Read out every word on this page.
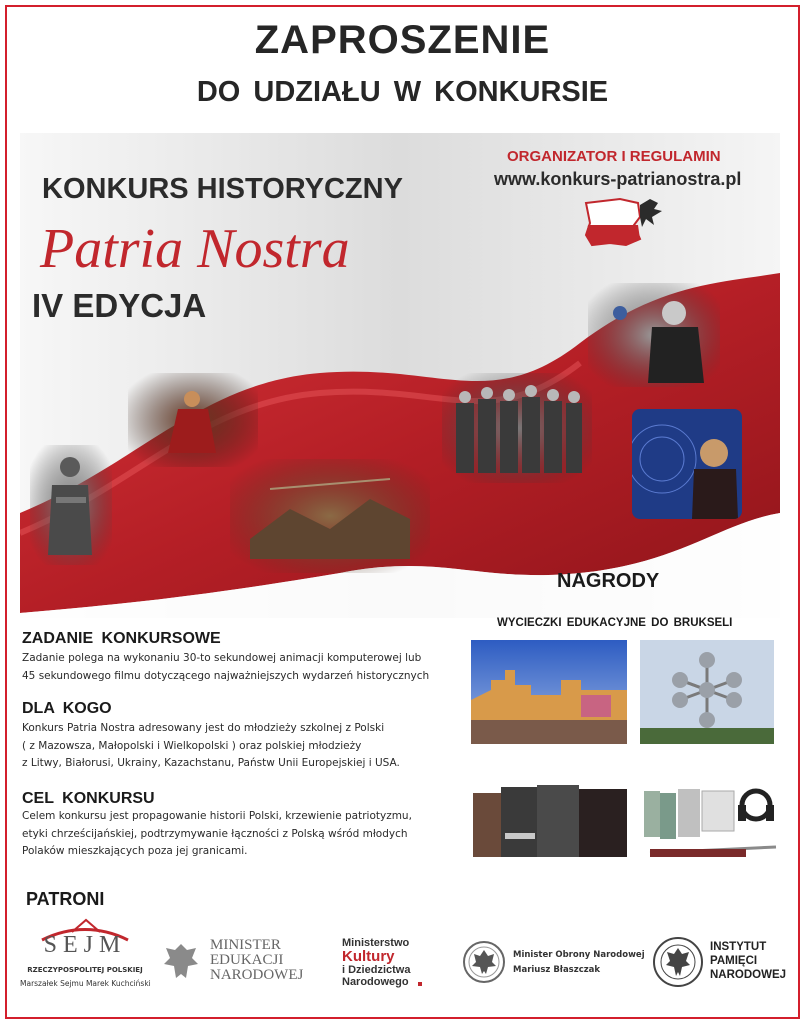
ZAPROSZENIE
DO UDZIAŁU W KONKURSIE
KONKURS HISTORYCZNY
Patria Nostra
IV EDYCJA
ORGANIZATOR I REGULAMIN
www.konkurs-patrianostra.pl
ZADANIE KONKURSOWE
Zadanie polega na wykonaniu 30-to sekundowej animacji komputerowej lub
45 sekundowego filmu dotyczącego najważniejszych wydarzeń historycznych
DLA KOGO
Konkurs Patria Nostra adresowany jest do młodzieży szkolnej z Polski
( z Mazowsza, Małopolski i Wielkopolski ) oraz polskiej młodzieży
z Litwy, Białorusi, Ukrainy, Kazachstanu, Państw Unii Europejskiej i USA.
CEL KONKURSU
Celem konkursu jest propagowanie historii Polski, krzewienie patriotyzmu,
etyki chrześcijańskiej, podtrzymywanie łączności z Polską wśród młodych
Polaków mieszkających poza jej granicami.
NAGRODY
WYCIECZKI EDUKACYJNE DO BRUKSELI
PATRONI
SEJM
RZECZYPOSPOLITEJ POLSKIEJ
Marszałek Sejmu Marek Kuchciński
MINISTER
EDUKACJI
NARODOWEJ
Ministerstwo
Kultury
i Dziedzictwa
Narodowego
Minister Obrony Narodowej
Mariusz Błaszczak
INSTYTUT
PAMIĘCI
NARODOWEJ
